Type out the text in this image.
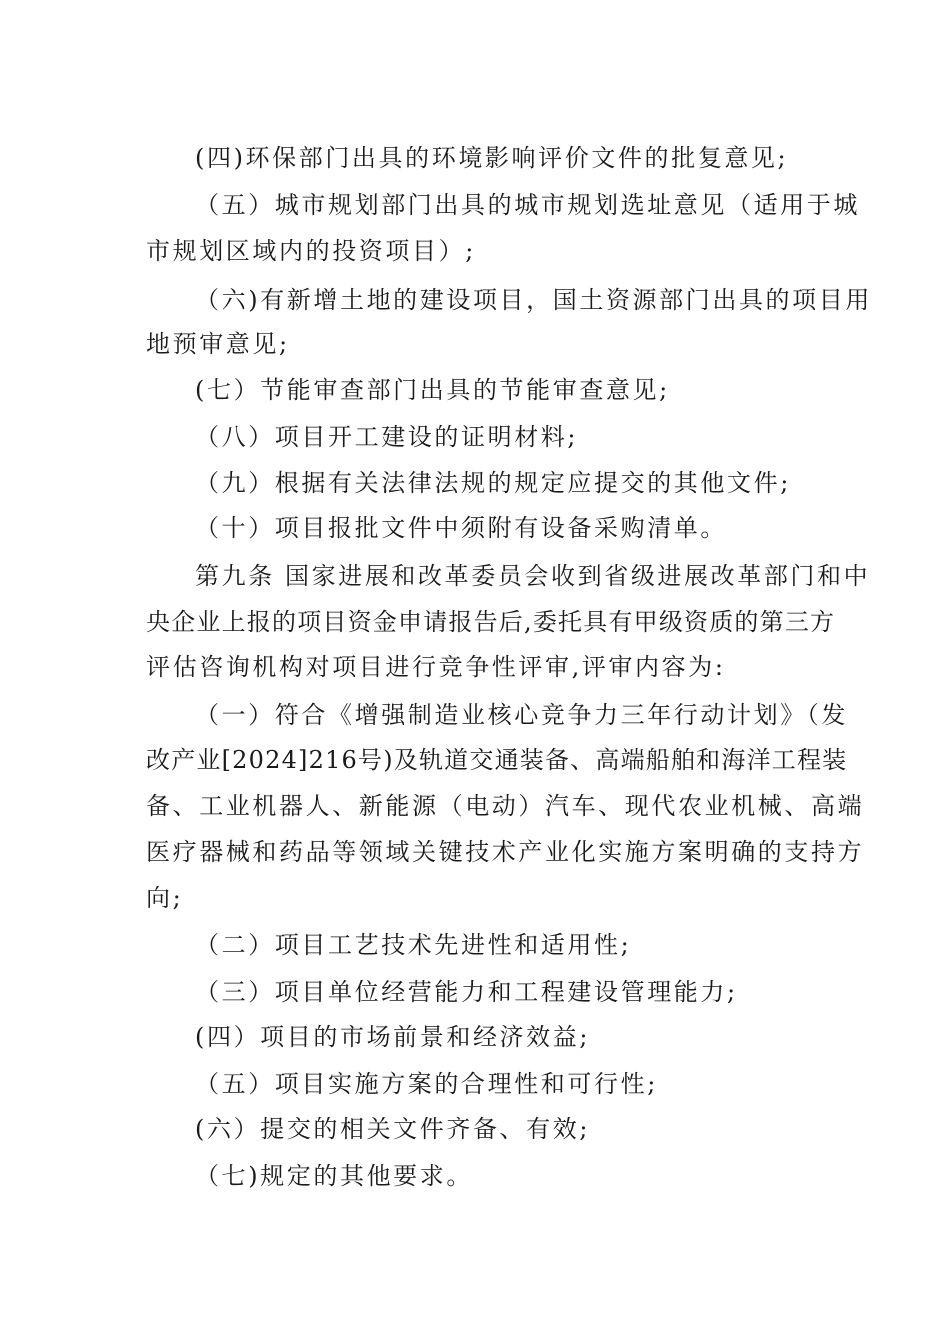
(四)环保部门出具的环境影响评价文件的批复意见;
（五）城市规划部门出具的城市规划选址意见（适用于城
市规划区域内的投资项目）;
（六)有新增土地的建设项目，国土资源部门出具的项目用
地预审意见;
(七）节能审查部门出具的节能审查意见;
（八）项目开工建设的证明材料;
（九）根据有关法律法规的规定应提交的其他文件;
（十）项目报批文件中须附有设备采购清单。
第九条 国家进展和改革委员会收到省级进展改革部门和中
央企业上报的项目资金申请报告后,委托具有甲级资质的第三方
评估咨询机构对项目进行竞争性评审,评审内容为:
（一）符合《增强制造业核心竞争力三年行动计划》（发
改产业[2024]216号)及轨道交通装备、高端船舶和海洋工程装
备、工业机器人、新能源（电动）汽车、现代农业机械、高端
医疗器械和药品等领域关键技术产业化实施方案明确的支持方
向;
（二）项目工艺技术先进性和适用性;
（三）项目单位经营能力和工程建设管理能力;
(四）项目的市场前景和经济效益;
（五）项目实施方案的合理性和可行性;
(六）提交的相关文件齐备、有效;
（七)规定的其他要求。
